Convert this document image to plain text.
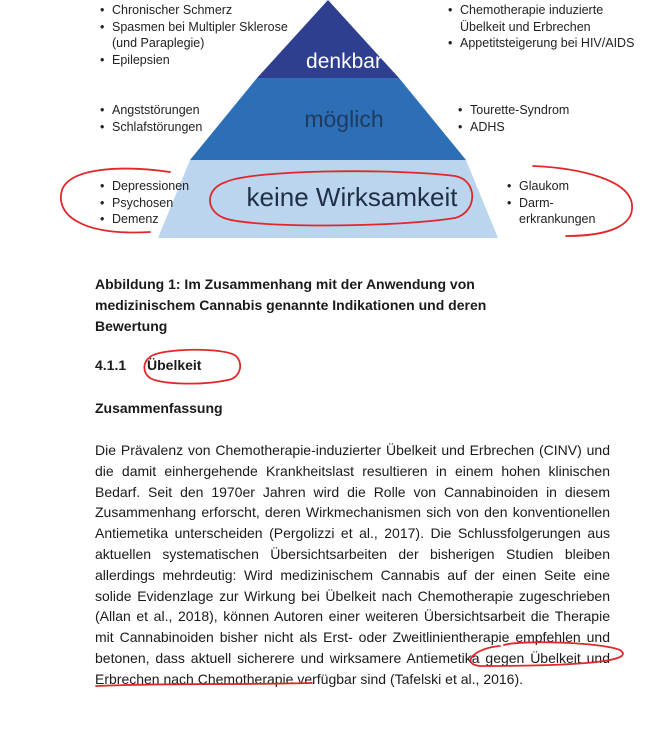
denkbar
möglich
keine Wirksamkeit
• Chronischer Schmerz
• Spasmen bei Multipler Sklerose (und Paraplegie)
• Epilepsien
• Chemotherapie induzierte Übelkeit und Erbrechen
• Appetitsteigerung bei HIV/AIDS
• Angststörungen
• Schlafstörungen
• Tourette-Syndrom
• ADHS
• Depressionen
• Psychosen
• Demenz
• Glaukom
• Darm-erkrankungen
Abbildung 1: Im Zusammenhang mit der Anwendung von medizinischem Cannabis genannte Indikationen und deren Bewertung
4.1.1 Übelkeit
Zusammenfassung
Die Prävalenz von Chemotherapie-induzierter Übelkeit und Erbrechen (CINV) und die damit einhergehende Krankheitslast resultieren in einem hohen klinischen Bedarf. Seit den 1970er Jahren wird die Rolle von Cannabinoiden in diesem Zusammenhang erforscht, deren Wirkmechanismen sich von den konventionellen Antiemetika unterscheiden (Pergolizzi et al., 2017). Die Schlussfolgerungen aus aktuellen systematischen Übersichtsarbeiten der bisherigen Studien bleiben allerdings mehrdeutig: Wird medizinischem Cannabis auf der einen Seite eine solide Evidenzlage zur Wirkung bei Übelkeit nach Chemotherapie zugeschrieben (Allan et al., 2018), können Autoren einer weiteren Übersichtsarbeit die Therapie mit Cannabinoiden bisher nicht als Erst- oder Zweitlinientherapie empfehlen und betonen, dass aktuell sicherere und wirksamere Antiemetika gegen Übelkeit und Erbrechen nach Chemotherapie verfügbar sind (Tafelski et al., 2016).
